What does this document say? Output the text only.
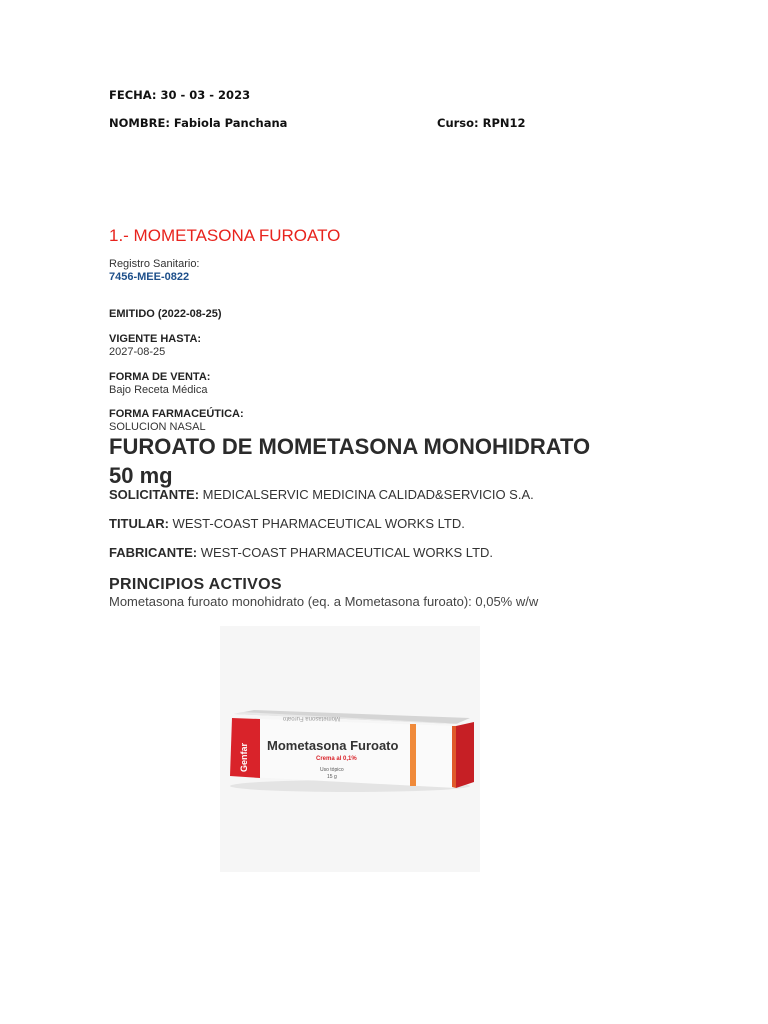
FECHA: 30 - 03 - 2023
NOMBRE: Fabiola Panchana	Curso: RPN12
1.- MOMETASONA FUROATO
Registro Sanitario:
7456-MEE-0822
EMITIDO (2022-08-25)
VIGENTE HASTA:
2027-08-25
FORMA DE VENTA:
Bajo Receta Médica
FORMA FARMACEÚTICA:
SOLUCION NASAL
FUROATO DE MOMETASONA MONOHIDRATO
50 mg
SOLICITANTE: MEDICALSERVIC MEDICINA CALIDAD&SERVICIO S.A.
TITULAR: WEST-COAST PHARMACEUTICAL WORKS LTD.
FABRICANTE: WEST-COAST PHARMACEUTICAL WORKS LTD.
PRINCIPIOS ACTIVOS
Mometasona furoato monohidrato (eq. a Mometasona furoato): 0,05% w/w
Mometasona Furoato
Genfar Mometasona Furoato
Crema al 0,1%
Uso tópico
15 g
